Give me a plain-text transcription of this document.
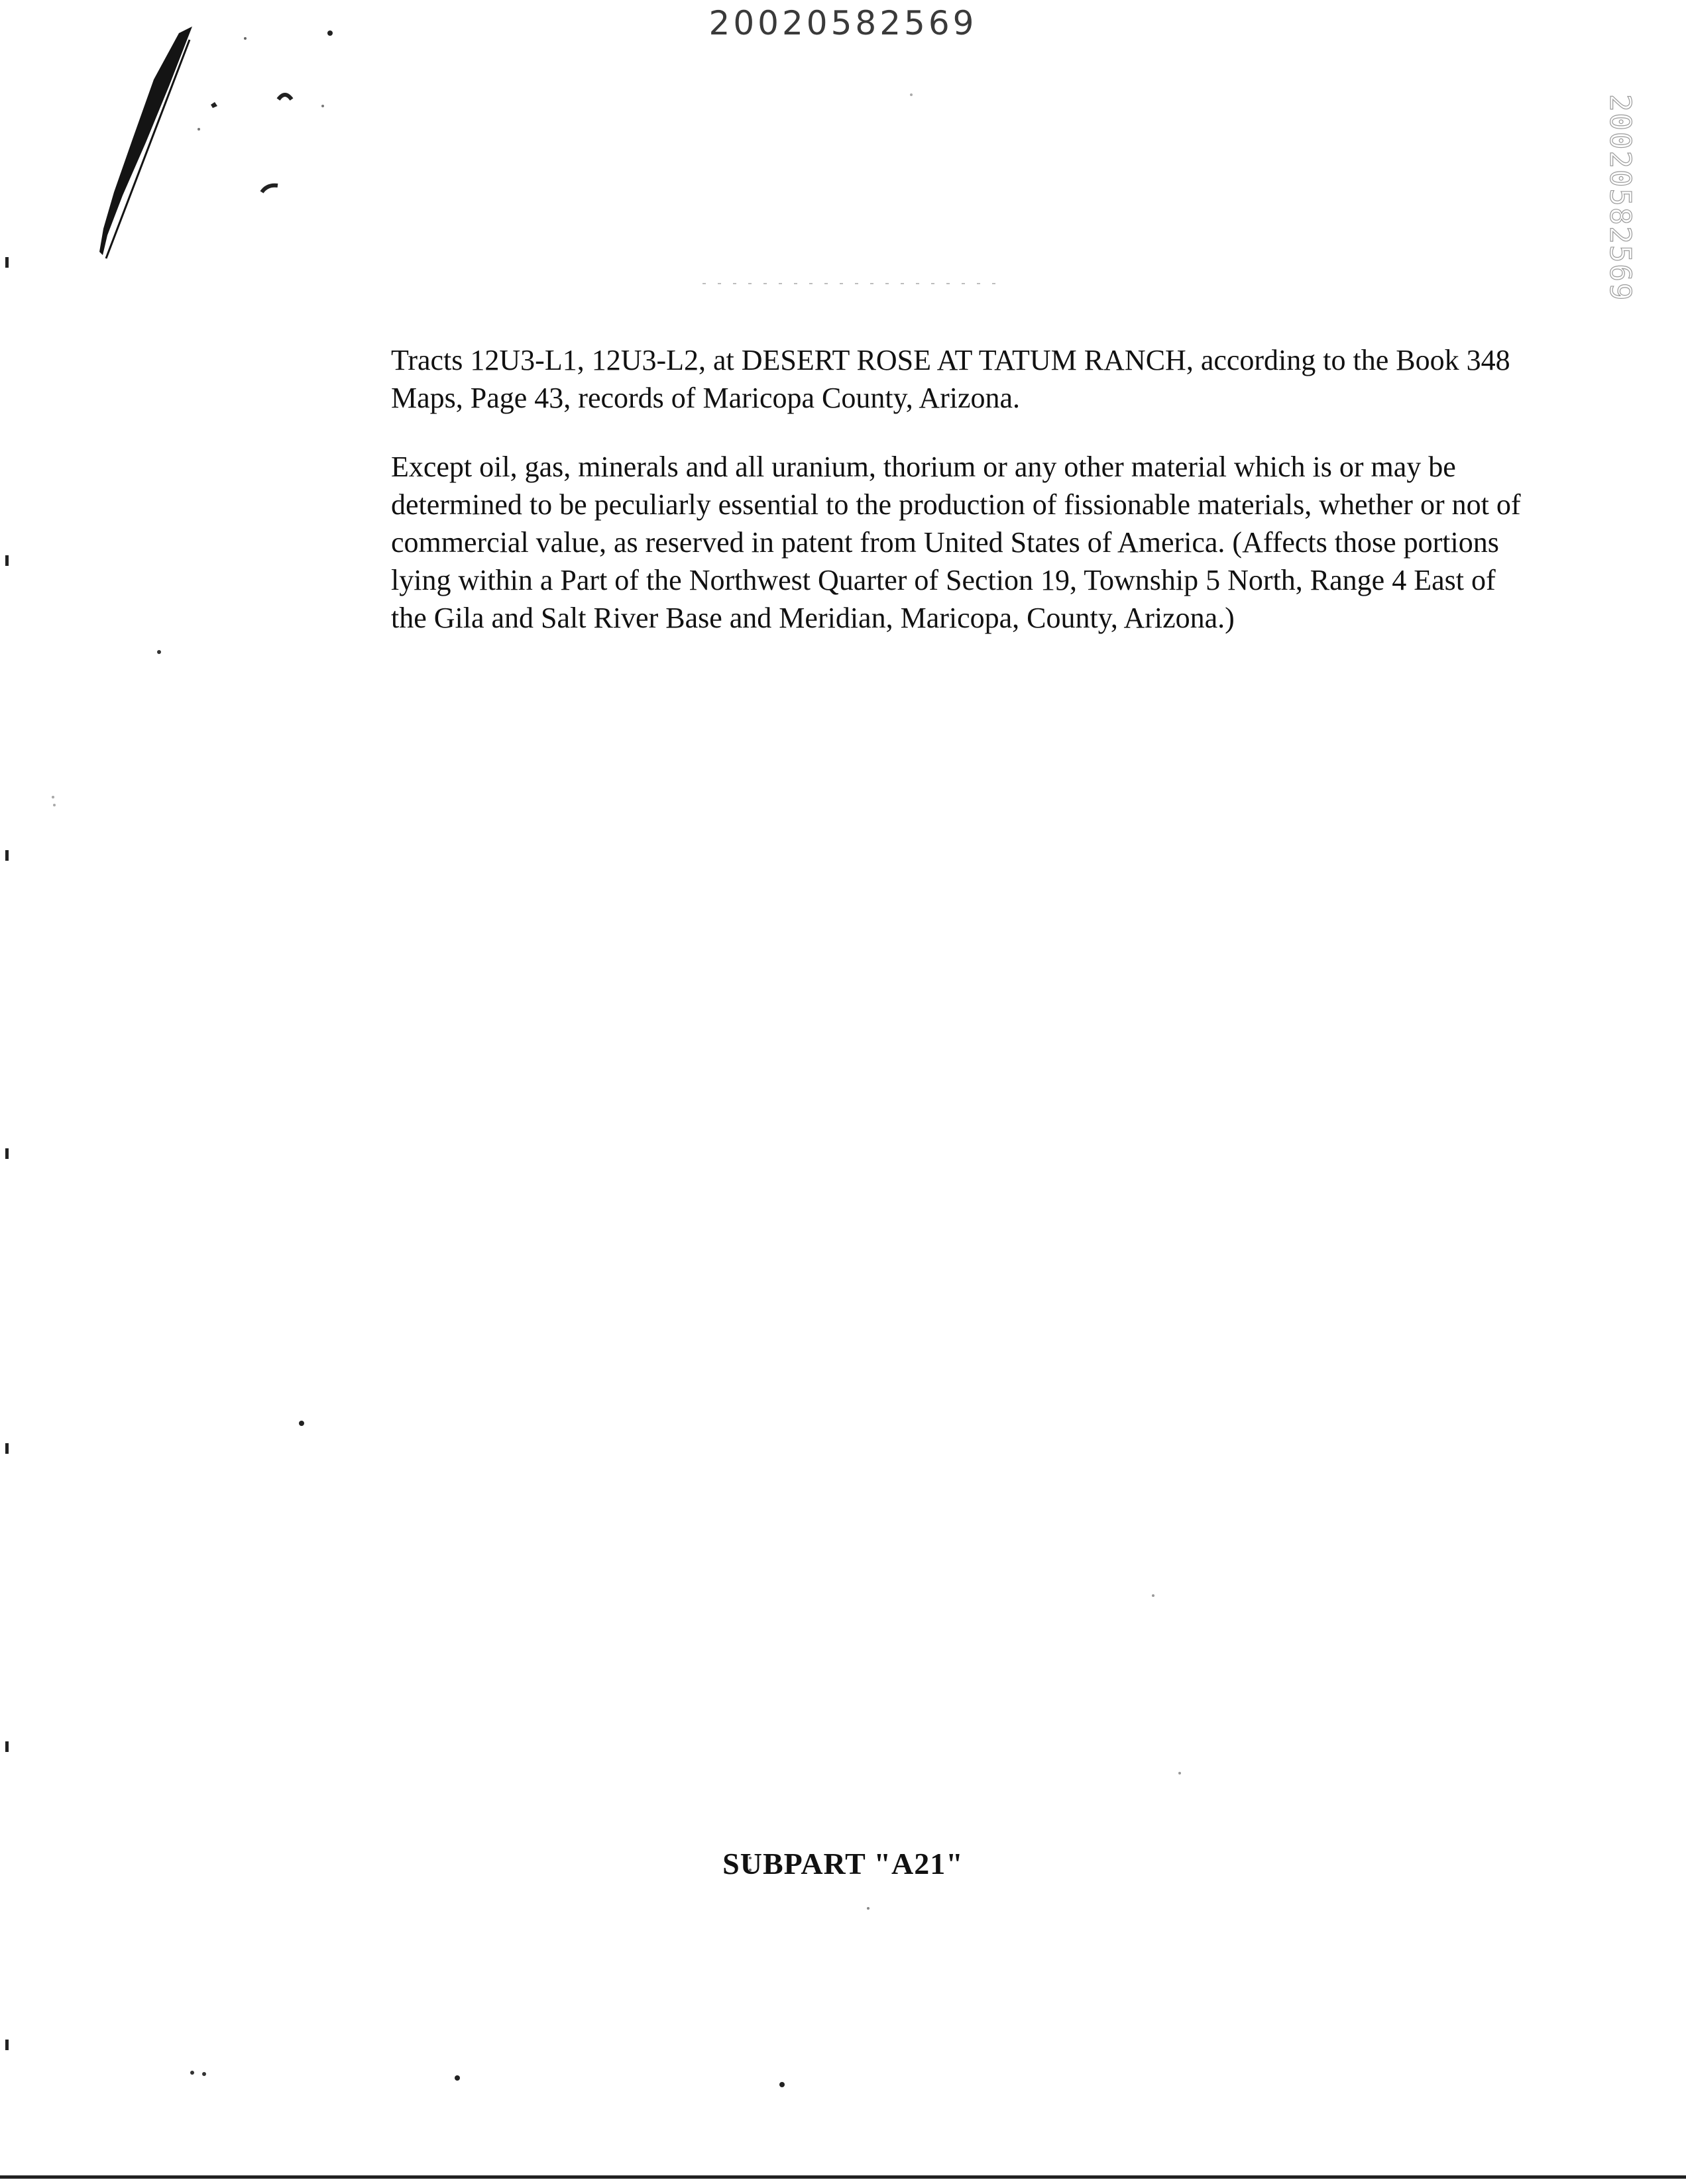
20020582569
20020582569

Tracts 12U3-L1, 12U3-L2, at DESERT ROSE AT TATUM RANCH, according to the Book 348 Maps, Page 43, records of Maricopa County, Arizona.

Except oil, gas, minerals and all uranium, thorium or any other material which is or may be determined to be peculiarly essential to the production of fissionable materials, whether or not of commercial value, as reserved in patent from United States of America. (Affects those portions lying within a Part of the Northwest Quarter of Section 19, Township 5 North, Range 4 East of the Gila and Salt River Base and Meridian, Maricopa, County, Arizona.)

SUBPART "A21"
